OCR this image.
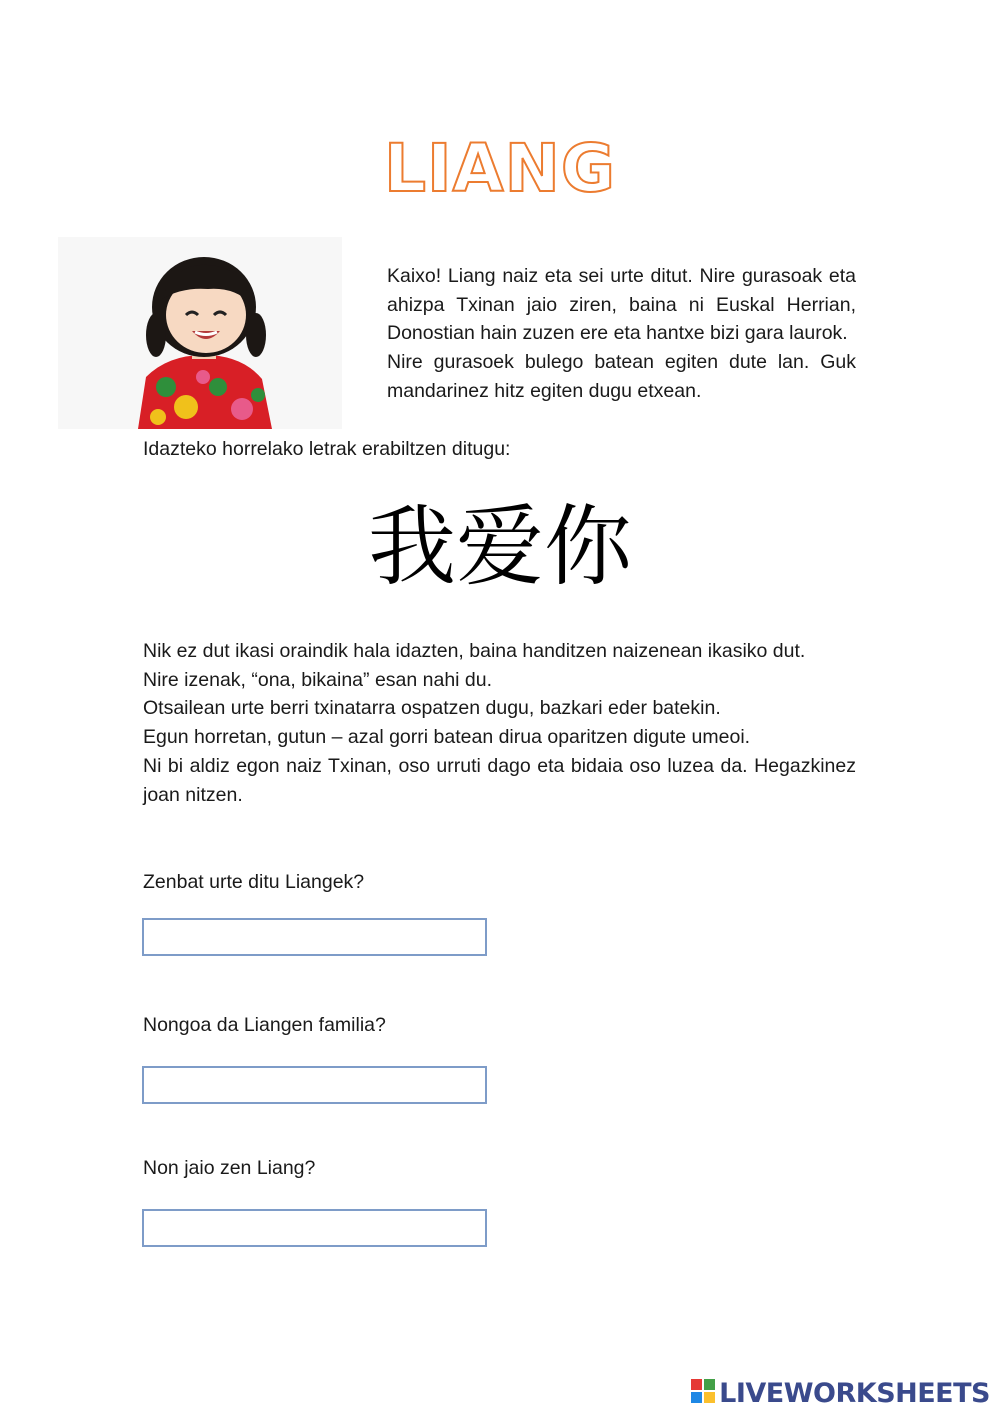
LIANG

Kaixo! Liang naiz eta sei urte ditut. Nire gurasoak eta ahizpa Txinan jaio ziren, baina ni Euskal Herrian, Donostian hain zuzen ere eta hantxe bizi gara laurok.

Nire gurasoek bulego batean egiten dute lan. Guk mandarinez hitz egiten dugu etxean.

Idazteko horrelako letrak erabiltzen ditugu:
我爱你

Nik ez dut ikasi oraindik hala idazten, baina handitzen naizenean ikasiko dut.

Nire izenak, “ona, bikaina” esan nahi du.

Otsailean urte berri txinatarra ospatzen dugu, bazkari eder batekin.

Egun horretan, gutun – azal gorri batean dirua oparitzen digute umeoi.

Ni bi aldiz egon naiz Txinan, oso urruti dago eta bidaia oso luzea da. Hegazkinez joan nitzen.

Zenbat urte ditu Liangek?
Nongoa da Liangen familia?
Non jaio zen Liang?
LIVEWORKSHEETS
